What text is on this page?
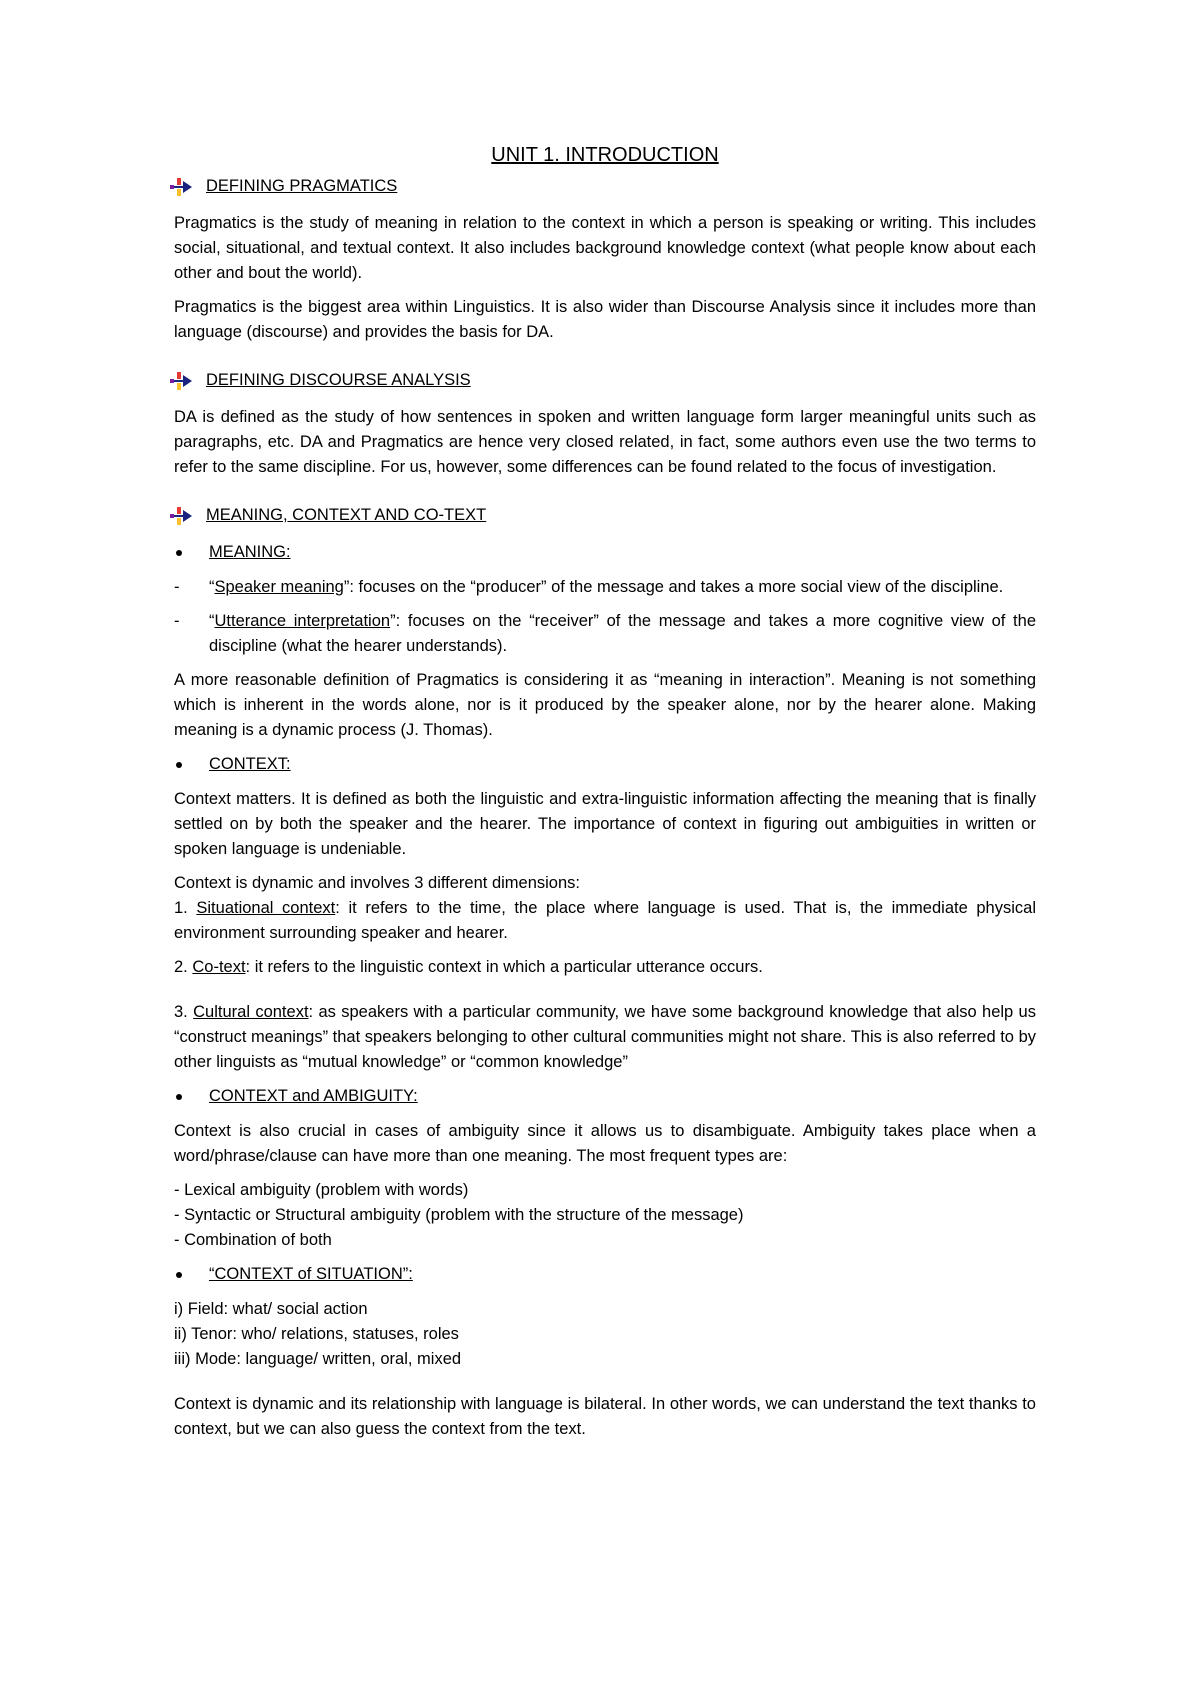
UNIT 1. INTRODUCTION
DEFINING PRAGMATICS

Pragmatics is the study of meaning in relation to the context in which a person is speaking or writing. This includes social, situational, and textual context. It also includes background knowledge context (what people know about each other and bout the world).

Pragmatics is the biggest area within Linguistics. It is also wider than Discourse Analysis since it includes more than language (discourse) and provides the basis for DA.

DEFINING DISCOURSE ANALYSIS

DA is defined as the study of how sentences in spoken and written language form larger meaningful units such as paragraphs, etc. DA and Pragmatics are hence very closed related, in fact, some authors even use the two terms to refer to the same discipline. For us, however, some differences can be found related to the focus of investigation.

MEANING, CONTEXT AND CO-TEXT
MEANING:
-	“Speaker meaning”: focuses on the “producer” of the message and takes a more social view of the discipline.
-	“Utterance interpretation”: focuses on the “receiver” of the message and takes a more cognitive view of the discipline (what the hearer understands).

A more reasonable definition of Pragmatics is considering it as “meaning in interaction”. Meaning is not something which is inherent in the words alone, nor is it produced by the speaker alone, nor by the hearer alone. Making meaning is a dynamic process (J. Thomas).

CONTEXT:

Context matters. It is defined as both the linguistic and extra-linguistic information affecting the meaning that is finally settled on by both the speaker and the hearer. The importance of context in figuring out ambiguities in written or spoken language is undeniable.

Context is dynamic and involves 3 different dimensions:
1. Situational context: it refers to the time, the place where language is used. That is, the immediate physical environment surrounding speaker and hearer.

2. Co-text: it refers to the linguistic context in which a particular utterance occurs.

3. Cultural context: as speakers with a particular community, we have some background knowledge that also help us “construct meanings” that speakers belonging to other cultural communities might not share. This is also referred to by other linguists as “mutual knowledge” or “common knowledge”

CONTEXT and AMBIGUITY:

Context is also crucial in cases of ambiguity since it allows us to disambiguate. Ambiguity takes place when a word/phrase/clause can have more than one meaning. The most frequent types are:

- Lexical ambiguity (problem with words)
- Syntactic or Structural ambiguity (problem with the structure of the message)
- Combination of both

“CONTEXT of SITUATION”:

i) Field: what/ social action
ii) Tenor: who/ relations, statuses, roles
iii) Mode: language/ written, oral, mixed

Context is dynamic and its relationship with language is bilateral. In other words, we can understand the text thanks to context, but we can also guess the context from the text.
